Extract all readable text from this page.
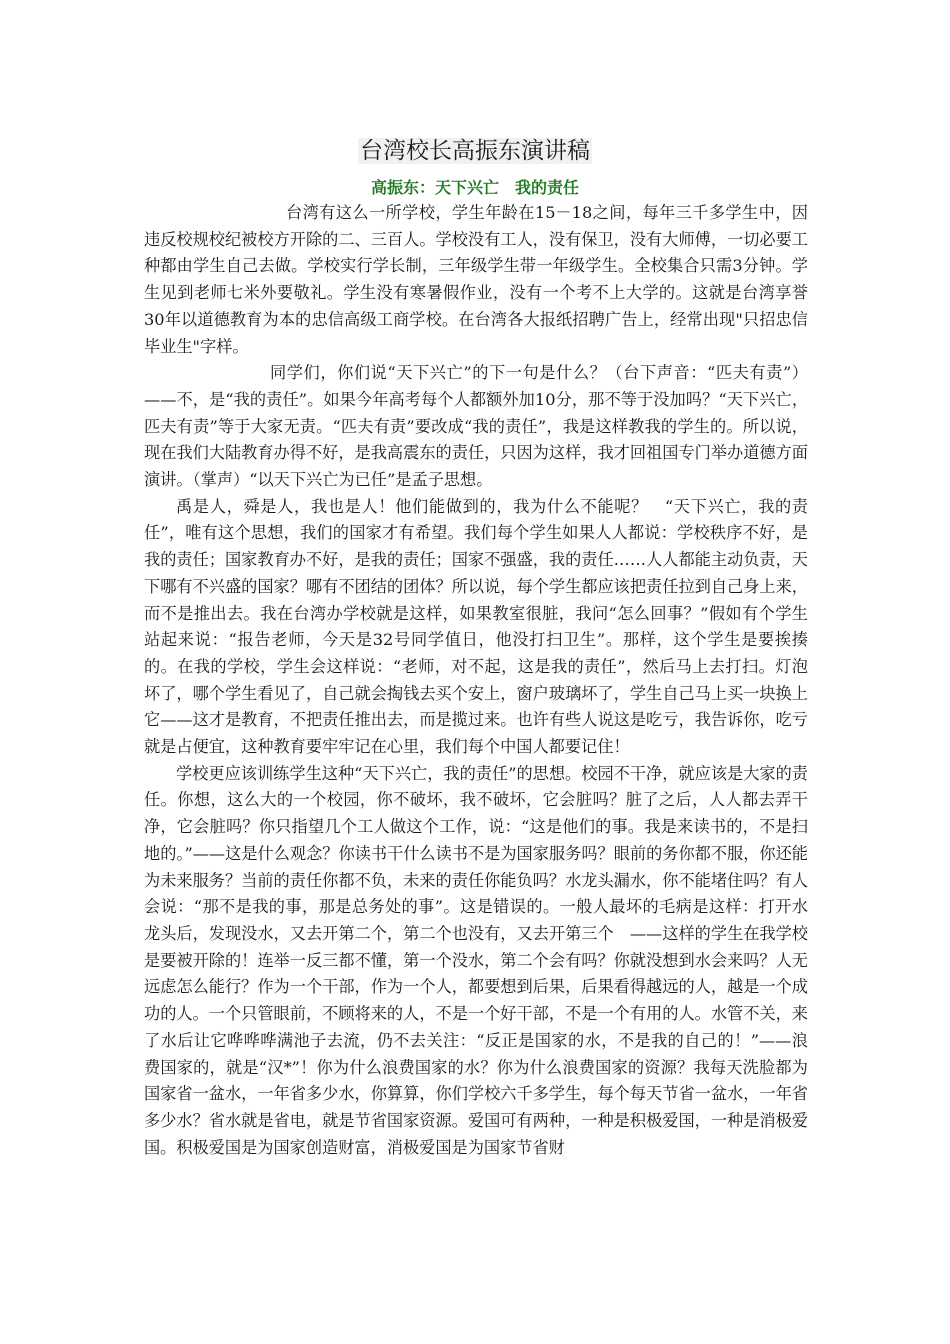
台湾校长高振东演讲稿
高振东：天下兴亡　我的责任

台湾有这么一所学校，学生年龄在15－18之间，每年三千多学生中，因违反校规校纪被校方开除的二、三百人。学校没有工人，没有保卫，没有大师傅，一切必要工种都由学生自己去做。学校实行学长制，三年级学生带一年级学生。全校集合只需3分钟。学生见到老师七米外要敬礼。学生没有寒暑假作业，没有一个考不上大学的。这就是台湾享誉30年以道德教育为本的忠信高级工商学校。在台湾各大报纸招聘广告上，经常出现"只招忠信毕业生"字样。

同学们，你们说“天下兴亡”的下一句是什么？（台下声音：“匹夫有责”）——不，是“我的责任”。如果今年高考每个人都额外加10分，那不等于没加吗？“天下兴亡，匹夫有责”等于大家无责。“匹夫有责”要改成“我的责任”，我是这样教我的学生的。所以说，现在我们大陆教育办得不好，是我高震东的责任，只因为这样，我才回祖国专门举办道德方面演讲。（掌声）“以天下兴亡为已任”是孟子思想。

禹是人，舜是人，我也是人！他们能做到的，我为什么不能呢？　“天下兴亡，我的责任”，唯有这个思想，我们的国家才有希望。我们每个学生如果人人都说：学校秩序不好，是我的责任；国家教育办不好，是我的责任；国家不强盛，我的责任……人人都能主动负责，天下哪有不兴盛的国家？哪有不团结的团体？所以说，每个学生都应该把责任拉到自己身上来，而不是推出去。我在台湾办学校就是这样，如果教室很脏，我问“怎么回事？”假如有个学生站起来说：“报告老师，今天是32号同学值日，他没打扫卫生”。那样，这个学生是要挨揍的。在我的学校，学生会这样说：“老师，对不起，这是我的责任”，然后马上去打扫。灯泡坏了，哪个学生看见了，自己就会掏钱去买个安上，窗户玻璃坏了，学生自己马上买一块换上它——这才是教育，不把责任推出去，而是揽过来。也许有些人说这是吃亏，我告诉你，吃亏就是占便宜，这种教育要牢牢记在心里，我们每个中国人都要记住！

学校更应该训练学生这种“天下兴亡，我的责任”的思想。校园不干净，就应该是大家的责任。你想，这么大的一个校园，你不破坏，我不破坏，它会脏吗？脏了之后，人人都去弄干净，它会脏吗？你只指望几个工人做这个工作，说：“这是他们的事。我是来读书的，不是扫地的。”——这是什么观念？你读书干什么读书不是为国家服务吗？眼前的务你都不服，你还能为未来服务？当前的责任你都不负，未来的责任你能负吗？水龙头漏水，你不能堵住吗？有人会说：“那不是我的事，那是总务处的事”。这是错误的。一般人最坏的毛病是这样：打开水龙头后，发现没水，又去开第二个，第二个也没有，又去开第三个　——这样的学生在我学校是要被开除的！连举一反三都不懂，第一个没水，第二个会有吗？你就没想到水会来吗？人无远虑怎么能行？作为一个干部，作为一个人，都要想到后果，后果看得越远的人，越是一个成功的人。一个只管眼前，不顾将来的人，不是一个好干部，不是一个有用的人。水管不关，来了水后让它哗哗哗满池子去流，仍不去关注：“反正是国家的水，不是我的自己的！”——浪费国家的，就是“汉*”！你为什么浪费国家的水？你为什么浪费国家的资源？我每天洗脸都为国家省一盆水，一年省多少水，你算算，你们学校六千多学生，每个每天节省一盆水，一年省多少水？省水就是省电，就是节省国家资源。爱国可有两种，一种是积极爱国，一种是消极爱国。积极爱国是为国家创造财富，消极爱国是为国家节省财
